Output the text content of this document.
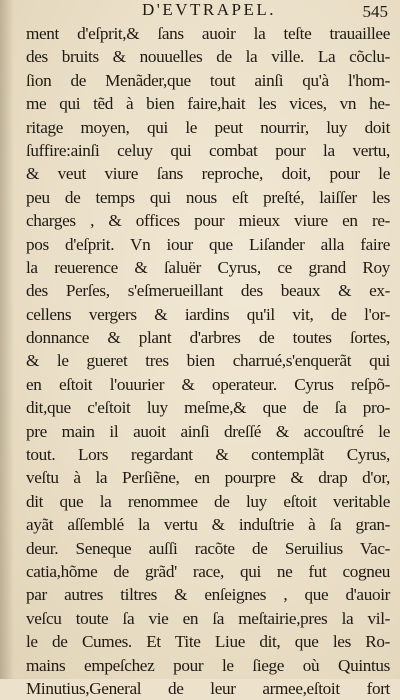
D'EVTRAPEL.	545
ment d'eſprit,& ſans auoir la teſte trauaillee
des bruits & nouuelles de la ville. La cõclu-
ſion de Menãder,que tout ainſi qu'à l'hom-
me qui tẽd à bien faire,hait les vices, vn he-
ritage moyen, qui le peut nourrir, luy doit
ſuffire:ainſi celuy qui combat pour la vertu,
& veut viure ſans reproche, doit, pour le
peu de temps qui nous eſt preſté, laiſſer les
charges , & offices pour mieux viure en re-
pos d'eſprit. Vn iour que Liſander alla faire
la reuerence & ſaluër Cyrus, ce grand Roy
des Perſes, s'eſmerueillant des beaux & ex-
cellens vergers & iardins qu'il vit, de l'or-
donnance & plant d'arbres de toutes ſortes,
& le gueret tres bien charrué,s'enquerãt qui
en eſtoit l'ouurier & operateur. Cyrus reſpõ-
dit,que c'eſtoit luy meſme,& que de ſa pro-
pre main il auoit ainſi dreſſé & accouſtré le
tout. Lors regardant & contemplãt Cyrus,
veſtu à la Perſiẽne, en pourpre & drap d'or,
dit que la renommee de luy eſtoit veritable
ayãt aſſemblé la vertu & induſtrie à ſa gran-
deur. Seneque auſſi racõte de Seruilius Vac-
catia,hõme de grãd' race, qui ne fut cogneu
par autres tiltres & enſeignes , que d'auoir
veſcu toute ſa vie en ſa meſtairie,pres la vil-
le de Cumes. Et Tite Liue dit, que les Ro-
mains empeſchez pour le ſiege où Quintus
Minutius,General de leur armee,eſtoit fort
